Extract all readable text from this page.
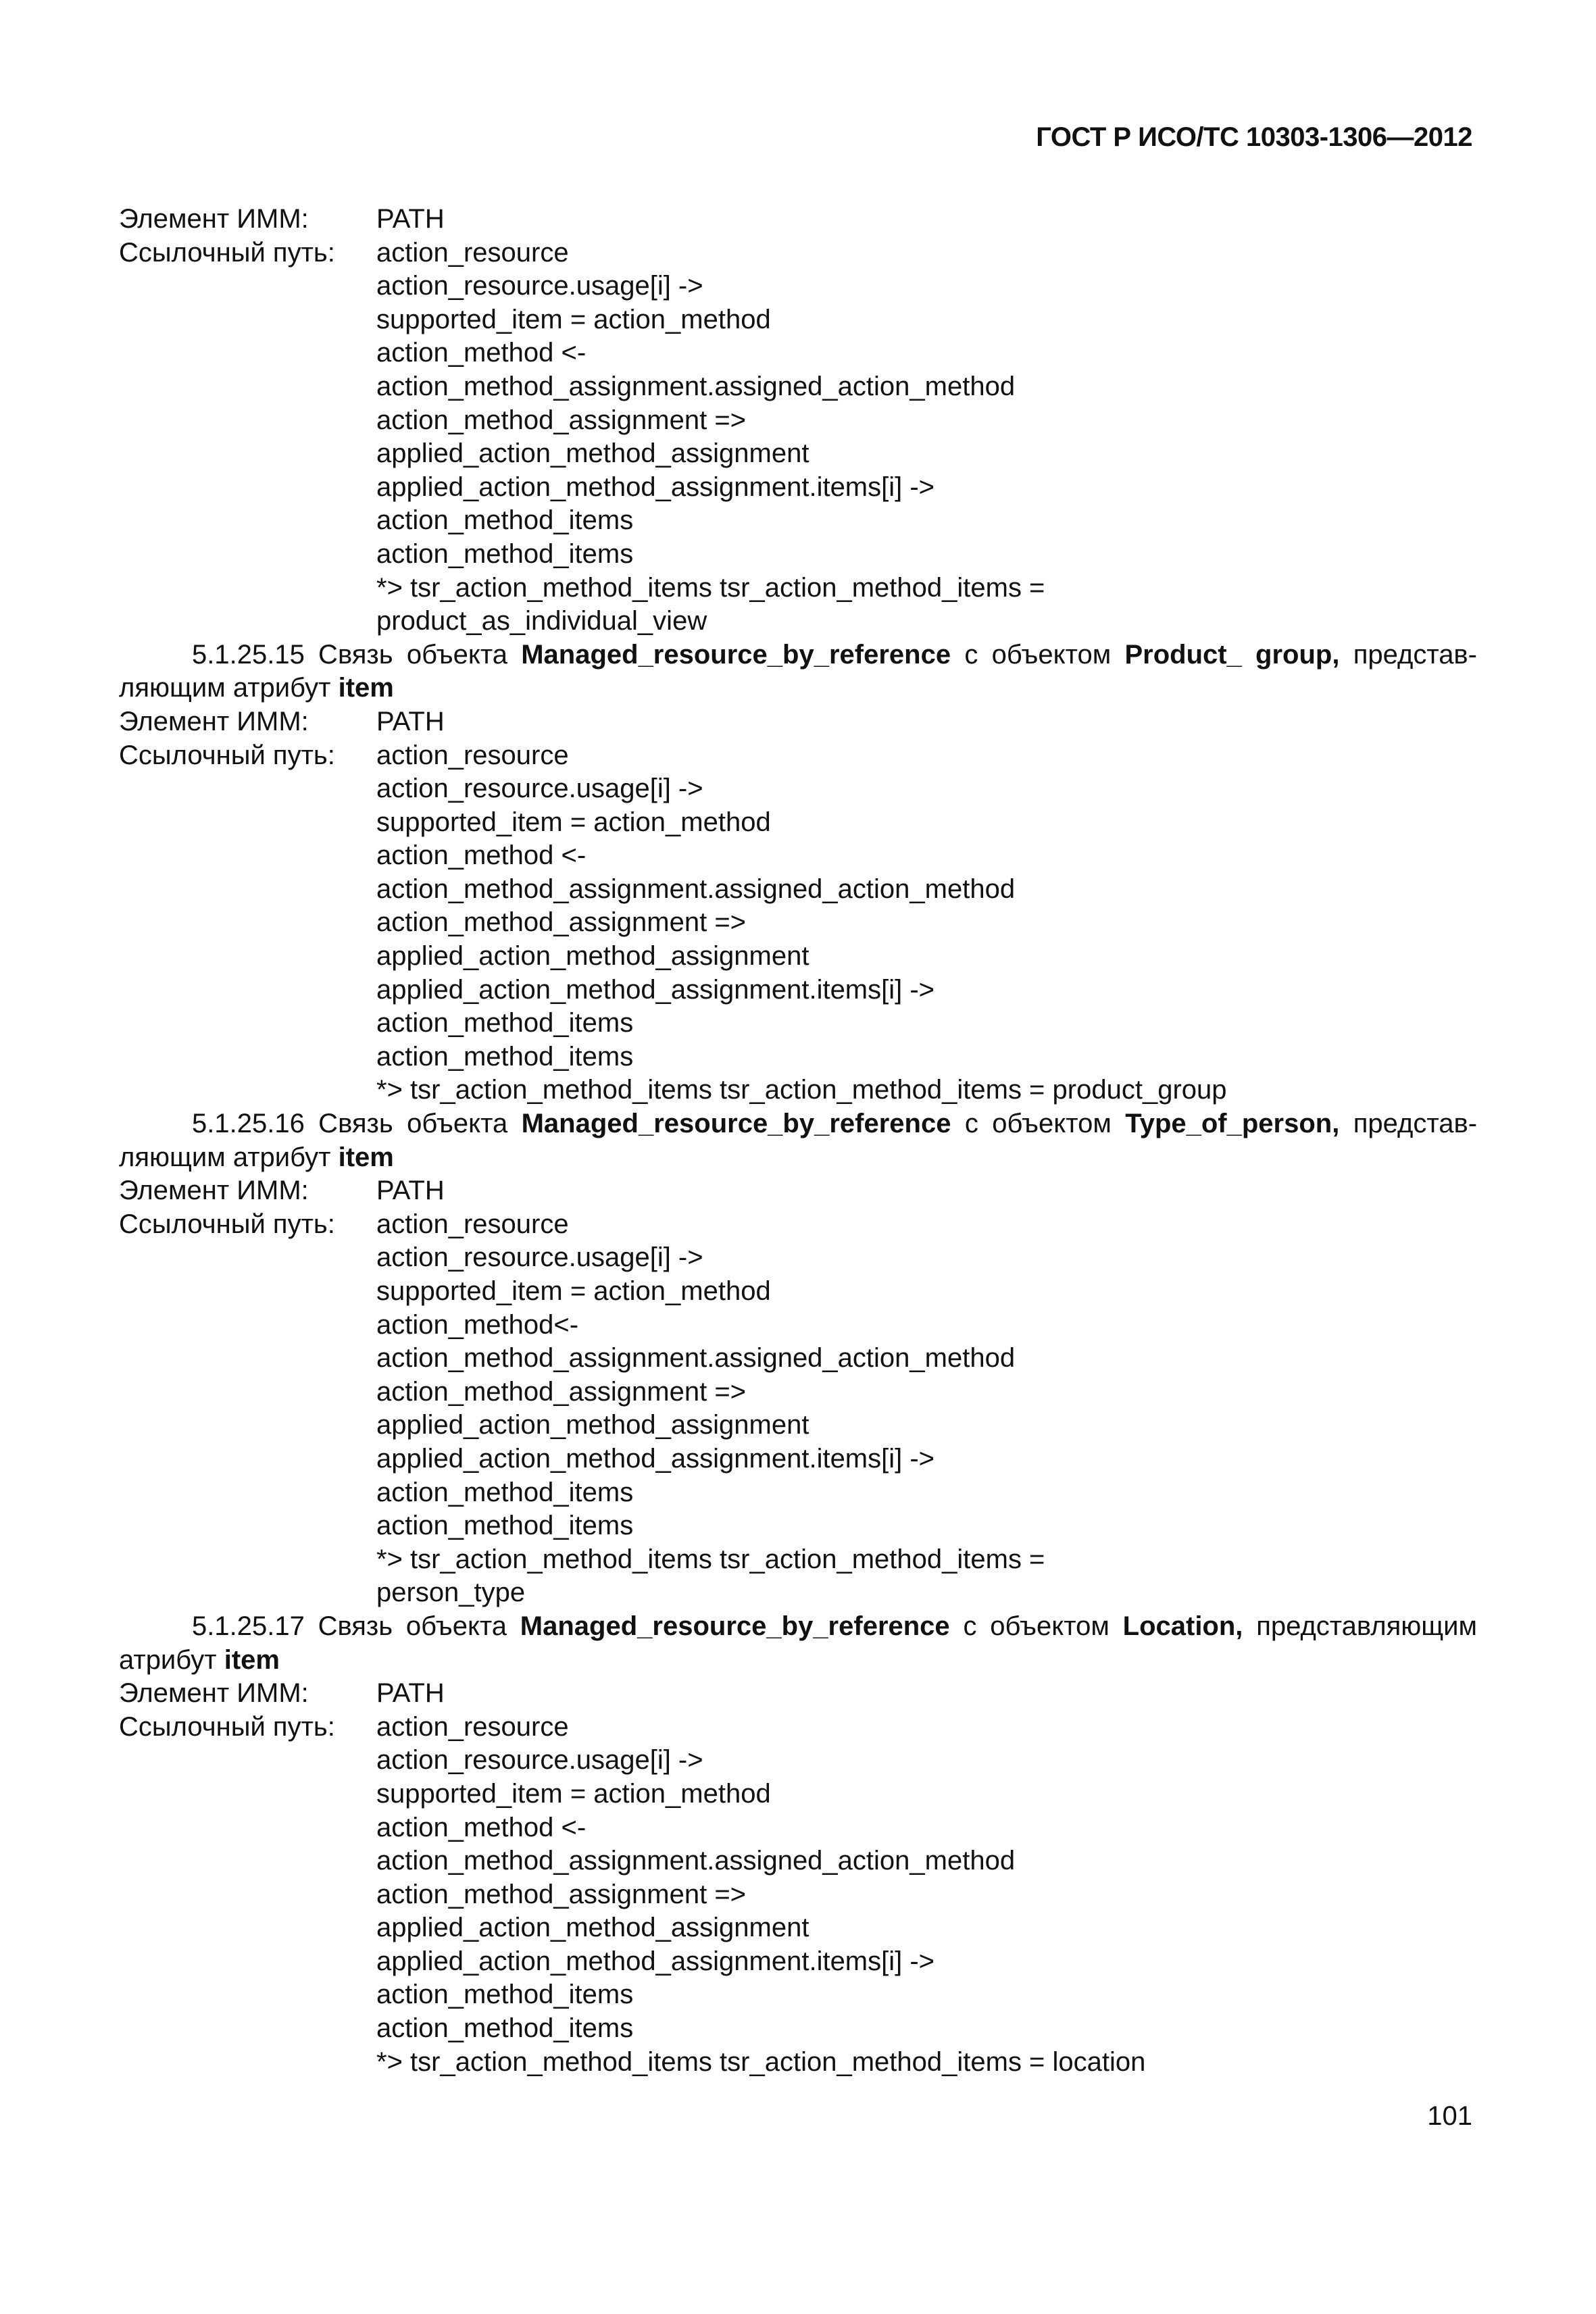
ГОСТ Р ИСО/ТС 10303-1306—2012
Элемент ИММ:	PATH
Ссылочный путь:	action_resource
action_resource.usage[i] ->
supported_item = action_method
action_method <-
action_method_assignment.assigned_action_method
action_method_assignment =>
applied_action_method_assignment
applied_action_method_assignment.items[i] ->
action_method_items
action_method_items
*> tsr_action_method_items tsr_action_method_items =
product_as_individual_view

5.1.25.15 Связь объекта Managed_resource_by_reference с объектом Product_ group, представ-ляющим атрибут item

Элемент ИММ:	PATH
Ссылочный путь:	action_resource
action_resource.usage[i] ->
supported_item = action_method
action_method <-
action_method_assignment.assigned_action_method
action_method_assignment =>
applied_action_method_assignment
applied_action_method_assignment.items[i] ->
action_method_items
action_method_items
*> tsr_action_method_items tsr_action_method_items = product_group

5.1.25.16 Связь объекта Managed_resource_by_reference с объектом Type_of_person, представ-ляющим атрибут item

Элемент ИММ:	PATH
Ссылочный путь:	action_resource
action_resource.usage[i] ->
supported_item = action_method
action_method<-
action_method_assignment.assigned_action_method
action_method_assignment =>
applied_action_method_assignment
applied_action_method_assignment.items[i] ->
action_method_items
action_method_items
*> tsr_action_method_items tsr_action_method_items =
person_type

5.1.25.17 Связь объекта Managed_resource_by_reference с объектом Location, представляющим атрибут item

Элемент ИММ:	PATH
Ссылочный путь:	action_resource
action_resource.usage[i] ->
supported_item = action_method
action_method <-
action_method_assignment.assigned_action_method
action_method_assignment =>
applied_action_method_assignment
applied_action_method_assignment.items[i] ->
action_method_items
action_method_items
*> tsr_action_method_items tsr_action_method_items = location
101
